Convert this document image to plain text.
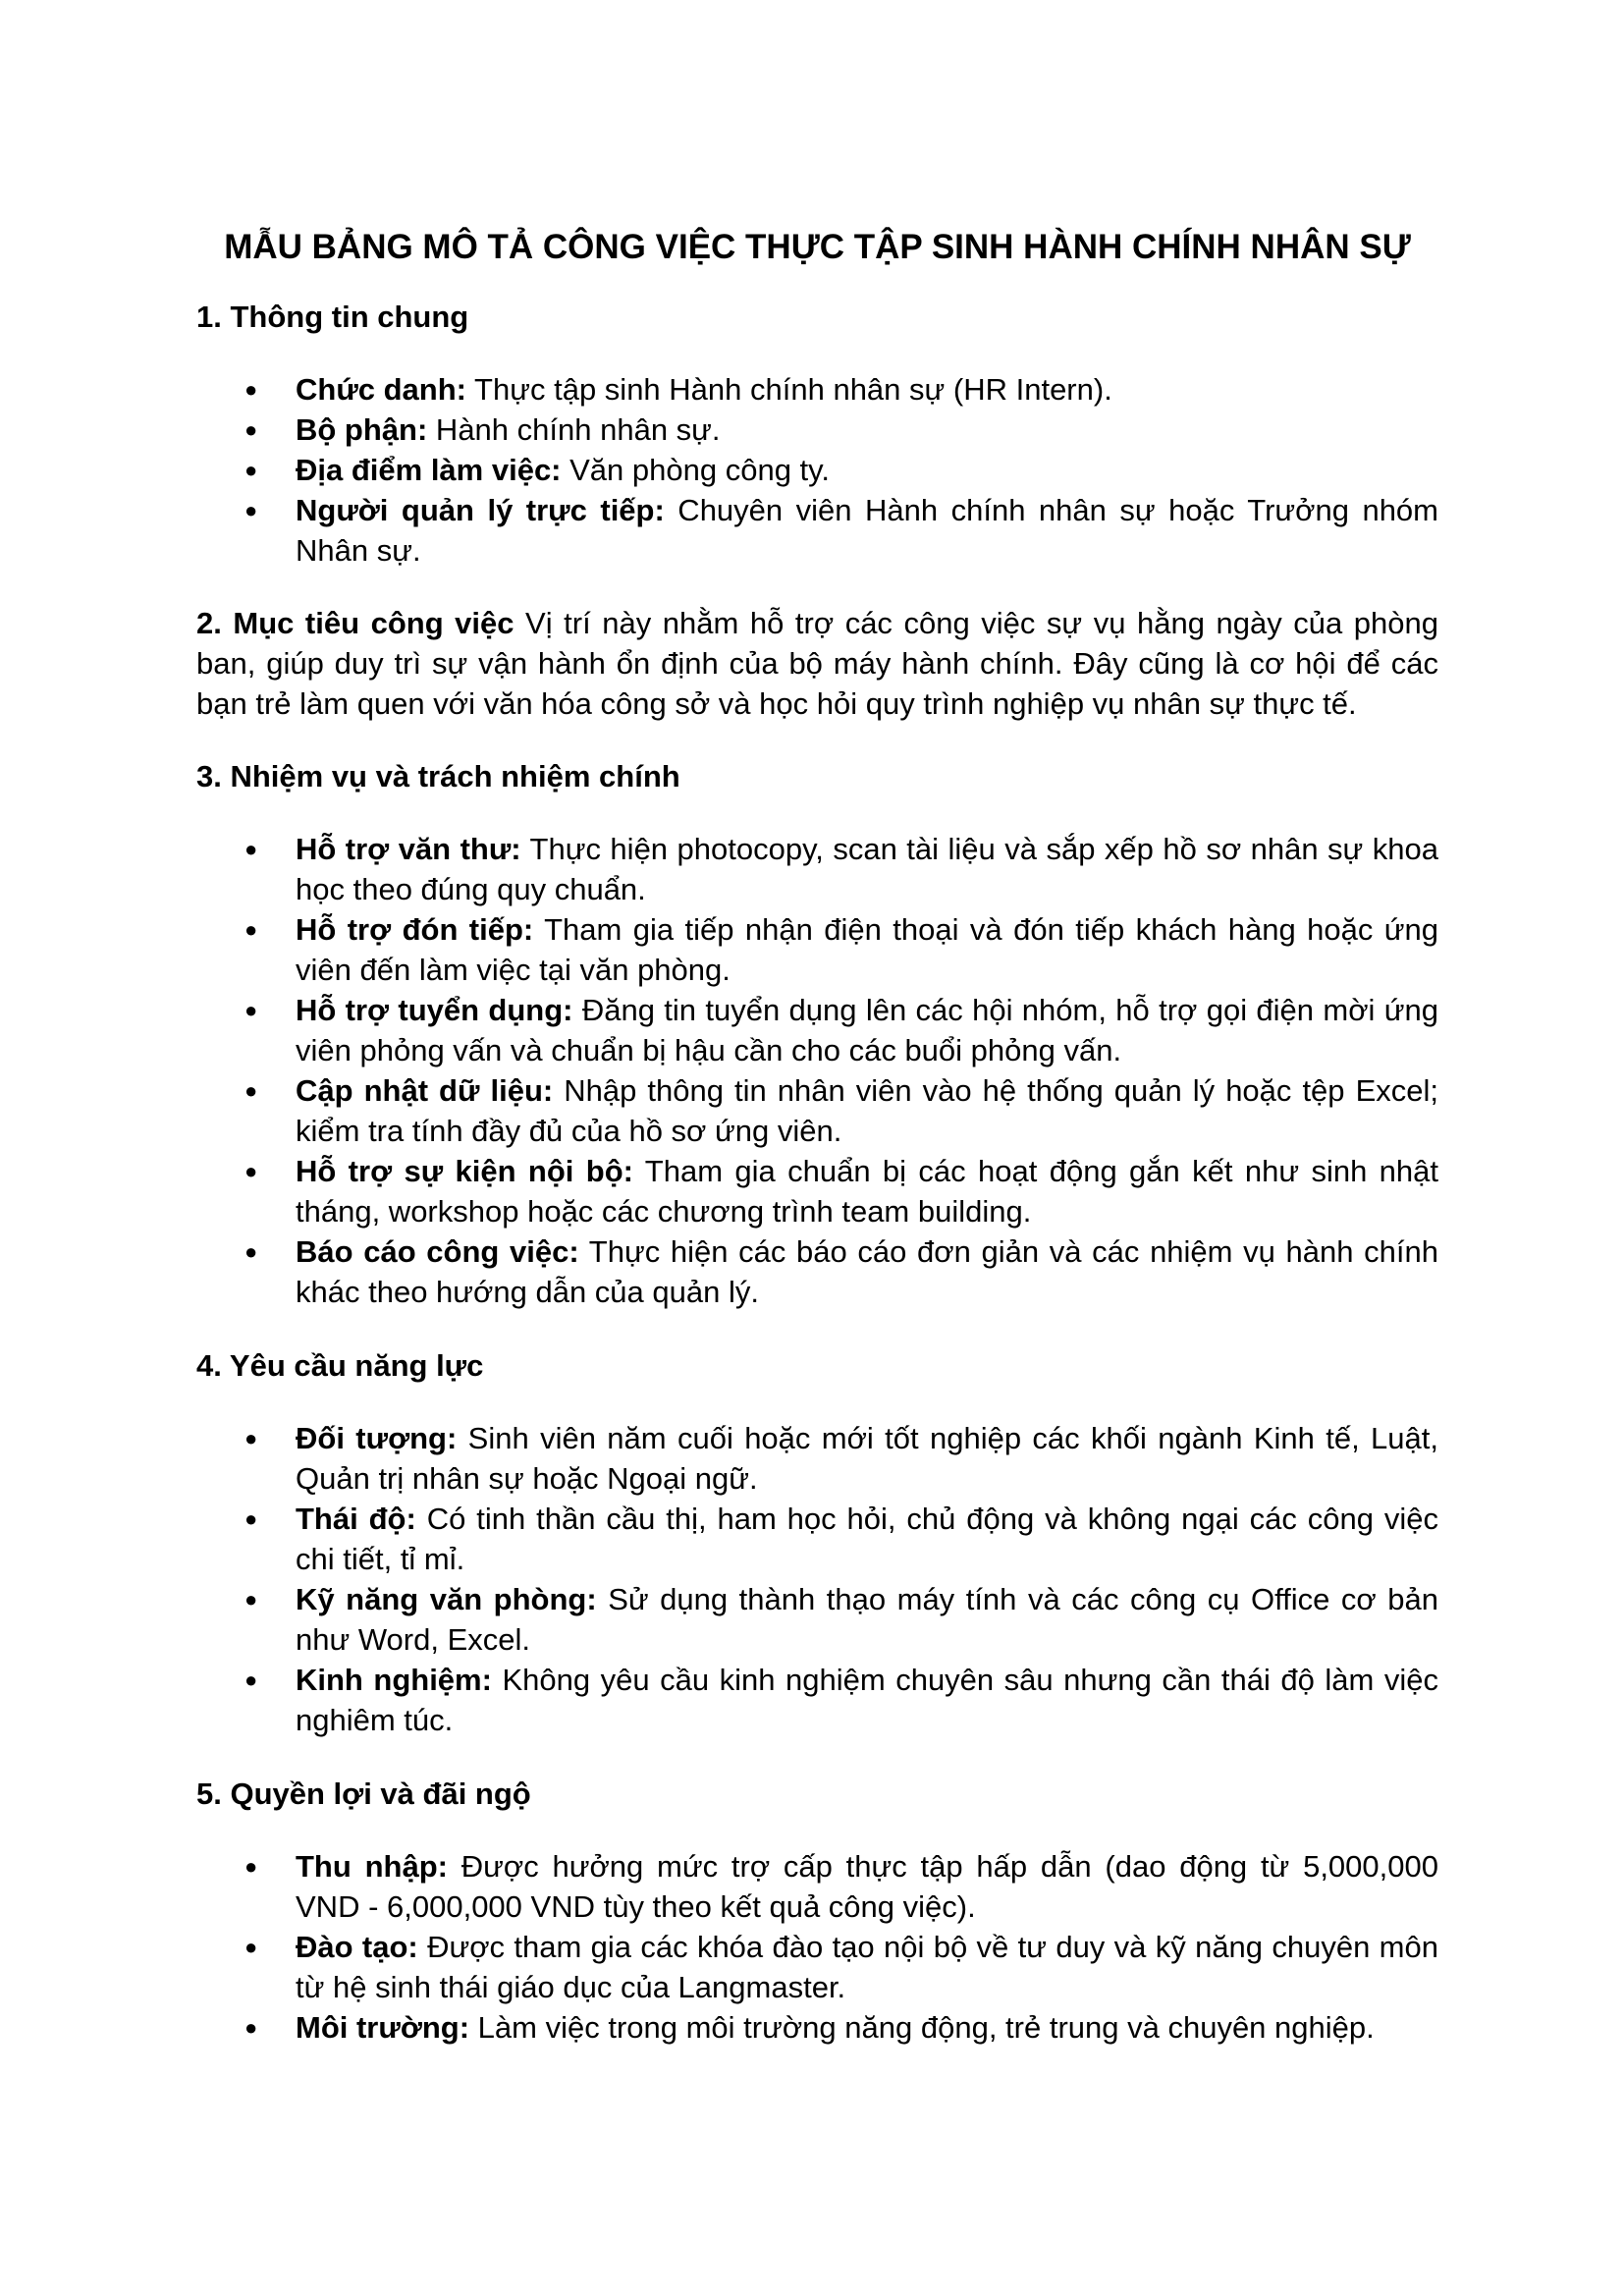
MẪU BẢNG MÔ TẢ CÔNG VIỆC THỰC TẬP SINH HÀNH CHÍNH NHÂN SỰ
1. Thông tin chung
● Chức danh: Thực tập sinh Hành chính nhân sự (HR Intern).
● Bộ phận: Hành chính nhân sự.
● Địa điểm làm việc: Văn phòng công ty.
● Người quản lý trực tiếp: Chuyên viên Hành chính nhân sự hoặc Trưởng nhóm Nhân sự.

2. Mục tiêu công việc Vị trí này nhằm hỗ trợ các công việc sự vụ hằng ngày của phòng ban, giúp duy trì sự vận hành ổn định của bộ máy hành chính. Đây cũng là cơ hội để các bạn trẻ làm quen với văn hóa công sở và học hỏi quy trình nghiệp vụ nhân sự thực tế.

3. Nhiệm vụ và trách nhiệm chính
● Hỗ trợ văn thư: Thực hiện photocopy, scan tài liệu và sắp xếp hồ sơ nhân sự khoa học theo đúng quy chuẩn.
● Hỗ trợ đón tiếp: Tham gia tiếp nhận điện thoại và đón tiếp khách hàng hoặc ứng viên đến làm việc tại văn phòng.
● Hỗ trợ tuyển dụng: Đăng tin tuyển dụng lên các hội nhóm, hỗ trợ gọi điện mời ứng viên phỏng vấn và chuẩn bị hậu cần cho các buổi phỏng vấn.
● Cập nhật dữ liệu: Nhập thông tin nhân viên vào hệ thống quản lý hoặc tệp Excel; kiểm tra tính đầy đủ của hồ sơ ứng viên.
● Hỗ trợ sự kiện nội bộ: Tham gia chuẩn bị các hoạt động gắn kết như sinh nhật tháng, workshop hoặc các chương trình team building.
● Báo cáo công việc: Thực hiện các báo cáo đơn giản và các nhiệm vụ hành chính khác theo hướng dẫn của quản lý.
4. Yêu cầu năng lực
● Đối tượng: Sinh viên năm cuối hoặc mới tốt nghiệp các khối ngành Kinh tế, Luật, Quản trị nhân sự hoặc Ngoại ngữ.
● Thái độ: Có tinh thần cầu thị, ham học hỏi, chủ động và không ngại các công việc chi tiết, tỉ mỉ.
● Kỹ năng văn phòng: Sử dụng thành thạo máy tính và các công cụ Office cơ bản như Word, Excel.
● Kinh nghiệm: Không yêu cầu kinh nghiệm chuyên sâu nhưng cần thái độ làm việc nghiêm túc.
5. Quyền lợi và đãi ngộ
● Thu nhập: Được hưởng mức trợ cấp thực tập hấp dẫn (dao động từ 5,000,000 VND - 6,000,000 VND tùy theo kết quả công việc).
● Đào tạo: Được tham gia các khóa đào tạo nội bộ về tư duy và kỹ năng chuyên môn từ hệ sinh thái giáo dục của Langmaster.
● Môi trường: Làm việc trong môi trường năng động, trẻ trung và chuyên nghiệp.
